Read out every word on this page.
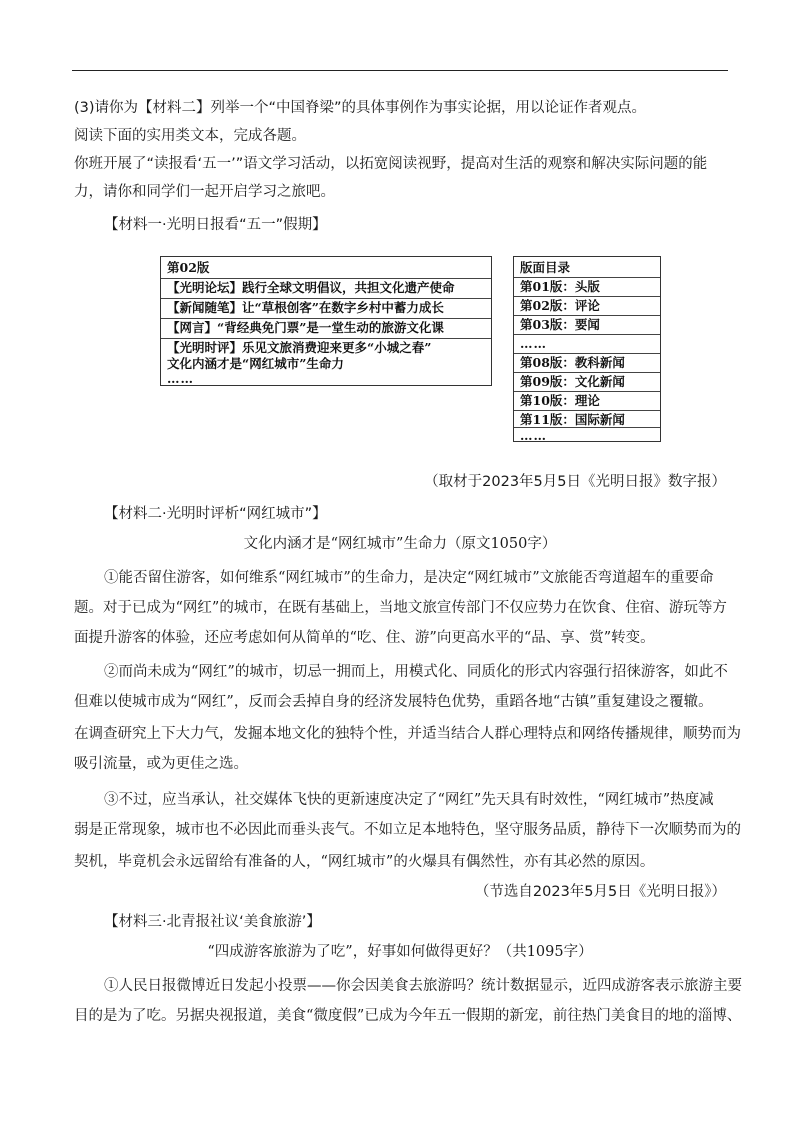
(3)请你为【材料二】列举一个“中国脊梁”的具体事例作为事实论据，用以论证作者观点。
阅读下面的实用类文本，完成各题。
你班开展了“读报看‘五一’”语文学习活动，以拓宽阅读视野，提高对生活的观察和解决实际问题的能
力，请你和同学们一起开启学习之旅吧。
【材料一·光明日报看“五一”假期】
第02版
【光明论坛】践行全球文明倡议，共担文化遗产使命
【新闻随笔】让“草根创客”在数字乡村中蓄力成长
【网言】“背经典免门票”是一堂生动的旅游文化课
【光明时评】乐见文旅消费迎来更多“小城之春”
文化内涵才是“网红城市”生命力
……
版面目录
第01版：头版
第02版：评论
第03版：要闻
……
第08版：教科新闻
第09版：文化新闻
第10版：理论
第11版：国际新闻
……
（取材于2023年5月5日《光明日报》数字报）
【材料二·光明时评析“网红城市”】
文化内涵才是“网红城市”生命力（原文1050字）
①能否留住游客，如何维系“网红城市”的生命力，是决定“网红城市”文旅能否弯道超车的重要命
题。对于已成为“网红”的城市，在既有基础上，当地文旅宣传部门不仅应势力在饮食、住宿、游玩等方
面提升游客的体验，还应考虑如何从简单的“吃、住、游”向更高水平的“品、享、赏”转变。
②而尚未成为“网红”的城市，切忌一拥而上，用模式化、同质化的形式内容强行招徕游客，如此不
但难以使城市成为“网红”，反而会丢掉自身的经济发展特色优势，重蹈各地“古镇”重复建设之覆辙。
在调查研究上下大力气，发掘本地文化的独特个性，并适当结合人群心理特点和网络传播规律，顺势而为
吸引流量，或为更佳之选。
③不过，应当承认，社交媒体飞快的更新速度决定了“网红”先天具有时效性，“网红城市”热度减
弱是正常现象，城市也不必因此而垂头丧气。不如立足本地特色，坚守服务品质，静待下一次顺势而为的
契机，毕竟机会永远留给有准备的人，“网红城市”的火爆具有偶然性，亦有其必然的原因。
（节选自2023年5月5日《光明日报》）
【材料三·北青报社议‘美食旅游’】
“四成游客旅游为了吃”，好事如何做得更好？（共1095字）
①人民日报微博近日发起小投票——你会因美食去旅游吗？统计数据显示，近四成游客表示旅游主要
目的是为了吃。另据央视报道，美食“微度假”已成为今年五一假期的新宠，前往热门美食目的地的淄博、
